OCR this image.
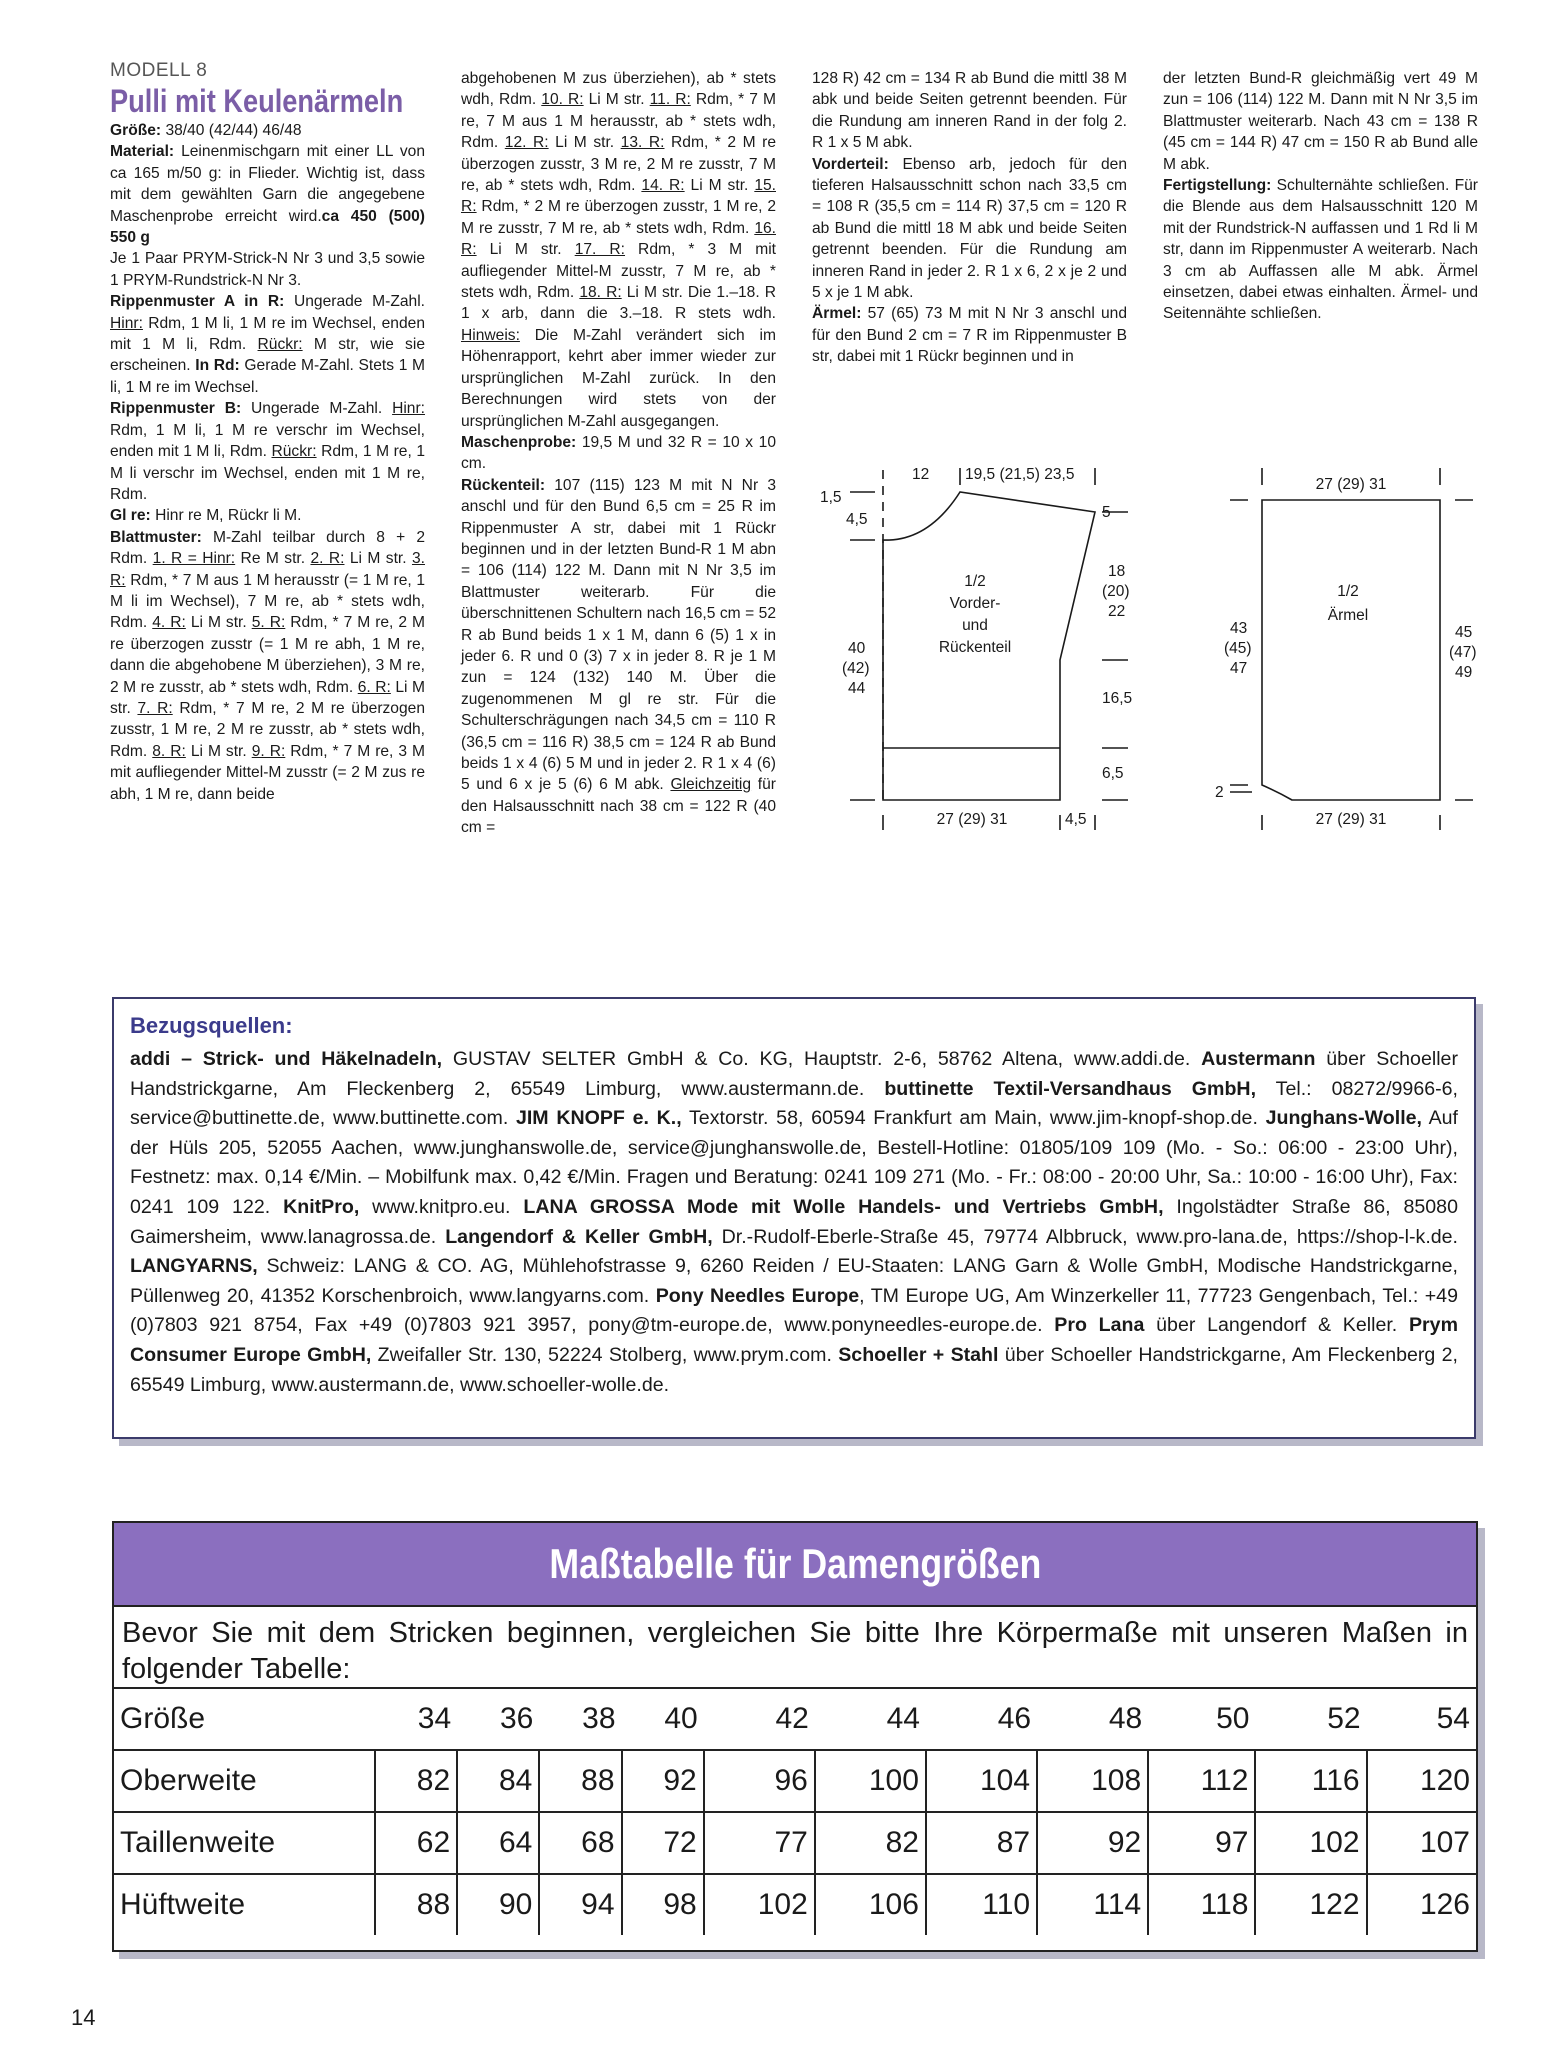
MODELL 8

Pulli mit Keulenärmeln

Größe: 38/40 (42/44) 46/48

Material: Leinenmischgarn mit einer LL von ca 165 m/50 g: in Flieder. Wichtig ist, dass mit dem gewählten Garn die angegebene Maschenprobe erreicht wird.ca 450 (500) 550 g

Je 1 Paar PRYM-Strick-N Nr 3 und 3,5 sowie 1 PRYM-Rundstrick-N Nr 3.

Rippenmuster A in R: Ungerade M-Zahl. Hinr: Rdm, 1 M li, 1 M re im Wechsel, enden mit 1 M li, Rdm. Rückr: M str, wie sie erscheinen. In Rd: Gerade M-Zahl. Stets 1 M li, 1 M re im Wechsel.

Rippenmuster B: Ungerade M-Zahl. Hinr: Rdm, 1 M li, 1 M re verschr im Wechsel, enden mit 1 M li, Rdm. Rückr: Rdm, 1 M re, 1 M li verschr im Wechsel, enden mit 1 M re, Rdm.

Gl re: Hinr re M, Rückr li M.

Blattmuster: M-Zahl teilbar durch 8 + 2 Rdm. 1. R = Hinr: Re M str. 2. R: Li M str. 3. R: Rdm, * 7 M aus 1 M herausstr (= 1 M re, 1 M li im Wechsel), 7 M re, ab * stets wdh, Rdm. 4. R: Li M str. 5. R: Rdm, * 7 M re, 2 M re überzogen zusstr (= 1 M re abh, 1 M re, dann die abgehobene M überziehen), 3 M re, 2 M re zusstr, ab * stets wdh, Rdm. 6. R: Li M str. 7. R: Rdm, * 7 M re, 2 M re überzogen zusstr, 1 M re, 2 M re zusstr, ab * stets wdh, Rdm. 8. R: Li M str. 9. R: Rdm, * 7 M re, 3 M mit aufliegender Mittel-M zusstr (= 2 M zus re abh, 1 M re, dann beide

abgehobenen M zus überziehen), ab * stets wdh, Rdm. 10. R: Li M str. 11. R: Rdm, * 7 M re, 7 M aus 1 M herausstr, ab * stets wdh, Rdm. 12. R: Li M str. 13. R: Rdm, * 2 M re überzogen zusstr, 3 M re, 2 M re zusstr, 7 M re, ab * stets wdh, Rdm. 14. R: Li M str. 15. R: Rdm, * 2 M re überzogen zusstr, 1 M re, 2 M re zusstr, 7 M re, ab * stets wdh, Rdm. 16. R: Li M str. 17. R: Rdm, * 3 M mit aufliegender Mittel-M zusstr, 7 M re, ab * stets wdh, Rdm. 18. R: Li M str. Die 1.–18. R 1 x arb, dann die 3.–18. R stets wdh. Hinweis: Die M-Zahl verändert sich im Höhenrapport, kehrt aber immer wieder zur ursprünglichen M-Zahl zurück. In den Berechnungen wird stets von der ursprünglichen M-Zahl ausgegangen.
Maschenprobe: 19,5 M und 32 R = 10 x 10 cm.
Rückenteil: 107 (115) 123 M mit N Nr 3 anschl und für den Bund 6,5 cm = 25 R im Rippenmuster A str, dabei mit 1 Rückr beginnen und in der letzten Bund-R 1 M abn = 106 (114) 122 M. Dann mit N Nr 3,5 im Blattmuster weiterarb. Für die überschnittenen Schultern nach 16,5 cm = 52 R ab Bund beids 1 x 1 M, dann 6 (5) 1 x in jeder 6. R und 0 (3) 7 x in jeder 8. R je 1 M zun = 124 (132) 140 M. Über die zugenommenen M gl re str. Für die Schulterschrägungen nach 34,5 cm = 110 R (36,5 cm = 116 R) 38,5 cm = 124 R ab Bund beids 1 x 4 (6) 5 M und in jeder 2. R 1 x 4 (6) 5 und 6 x je 5 (6) 6 M abk. Gleichzeitig für den Halsausschnitt nach 38 cm = 122 R (40 cm =
128 R) 42 cm = 134 R ab Bund die mittl 38 M abk und beide Seiten getrennt beenden. Für die Rundung am inneren Rand in der folg 2. R 1 x 5 M abk.
Vorderteil: Ebenso arb, jedoch für den tieferen Halsausschnitt schon nach 33,5 cm = 108 R (35,5 cm = 114 R) 37,5 cm = 120 R ab Bund die mittl 18 M abk und beide Seiten getrennt beenden. Für die Rundung am inneren Rand in jeder 2. R 1 x 6, 2 x je 2 und 5 x je 1 M abk.
Ärmel: 57 (65) 73 M mit N Nr 3 anschl und für den Bund 2 cm = 7 R im Rippenmuster B str, dabei mit 1 Rückr beginnen und in
der letzten Bund-R gleichmäßig vert 49 M zun = 106 (114) 122 M. Dann mit N Nr 3,5 im Blattmuster weiterarb. Nach 43 cm = 138 R (45 cm = 144 R) 47 cm = 150 R ab Bund alle M abk.
Fertigstellung: Schulternähte schließen. Für die Blende aus dem Halsausschnitt 120 M mit der Rundstrick-N auffassen und 1 Rd li M str, dann im Rippenmuster A weiterarb. Nach 3 cm ab Auffassen alle M abk. Ärmel einsetzen, dabei etwas einhalten. Ärmel- und Seitennähte schließen.
1,5
4,5
12 19,5 (21,5) 23,5
5
1/2
Vorder-
und
Rückenteil
18
(20)
22
40
(42)
44
16,5
6,5
27 (29) 31	4,5
27 (29) 31
1/2
Ärmel
43
(45)
47
45
(47)
49
2
27 (29) 31
Bezugsquellen:
addi – Strick- und Häkelnadeln, GUSTAV SELTER GmbH & Co. KG, Hauptstr. 2-6, 58762 Altena, www.addi.de. Austermann über Schoeller Handstrickgarne, Am Fleckenberg 2, 65549 Limburg, www.austermann.de. buttinette Textil-Versandhaus GmbH, Tel.: 08272/9966-6, service@buttinette.de, www.buttinette.com. JIM KNOPF e. K., Textorstr. 58, 60594 Frankfurt am Main, www.jim-knopf-shop.de. Junghans-Wolle, Auf der Hüls 205, 52055 Aachen, www.junghanswolle.de, service@junghanswolle.de, Bestell-Hotline: 01805/109 109 (Mo. - So.: 06:00 - 23:00 Uhr), Festnetz: max. 0,14 €/Min. – Mobilfunk max. 0,42 €/Min. Fragen und Beratung: 0241 109 271 (Mo. - Fr.: 08:00 - 20:00 Uhr, Sa.: 10:00 - 16:00 Uhr), Fax: 0241 109 122. KnitPro, www.knitpro.eu. LANA GROSSA Mode mit Wolle Handels- und Vertriebs GmbH, Ingolstädter Straße 86, 85080 Gaimersheim, www.lanagrossa.de. Langendorf & Keller GmbH, Dr.-Rudolf-Eberle-Straße 45, 79774 Albbruck, www.pro-lana.de, https://shop-l-k.de. LANGYARNS, Schweiz: LANG & CO. AG, Mühlehofstrasse 9, 6260 Reiden / EU-Staaten: LANG Garn & Wolle GmbH, Modische Handstrickgarne, Püllenweg 20, 41352 Korschenbroich, www.langyarns.com. Pony Needles Europe, TM Europe UG, Am Winzerkeller 11, 77723 Gengenbach, Tel.: +49 (0)7803 921 8754, Fax +49 (0)7803 921 3957, pony@tm-europe.de, www.ponyneedles-europe.de. Pro Lana über Langendorf & Keller. Prym Consumer Europe GmbH, Zweifaller Str. 130, 52224 Stolberg, www.prym.com. Schoeller + Stahl über Schoeller Handstrickgarne, Am Fleckenberg 2, 65549 Limburg, www.austermann.de, www.schoeller-wolle.de.
Maßtabelle für Damengrößen
Bevor Sie mit dem Stricken beginnen, vergleichen Sie bitte Ihre Körpermaße mit unseren Maßen in folgender Tabelle:
Größe	34	36	38	40	42	44	46	48	50	52	54
Oberweite	82	84	88	92	96	100	104	108	112	116	120
Taillenweite	62	64	68	72	77	82	87	92	97	102	107
Hüftweite	88	90	94	98	102	106	110	114	118	122	126
14
